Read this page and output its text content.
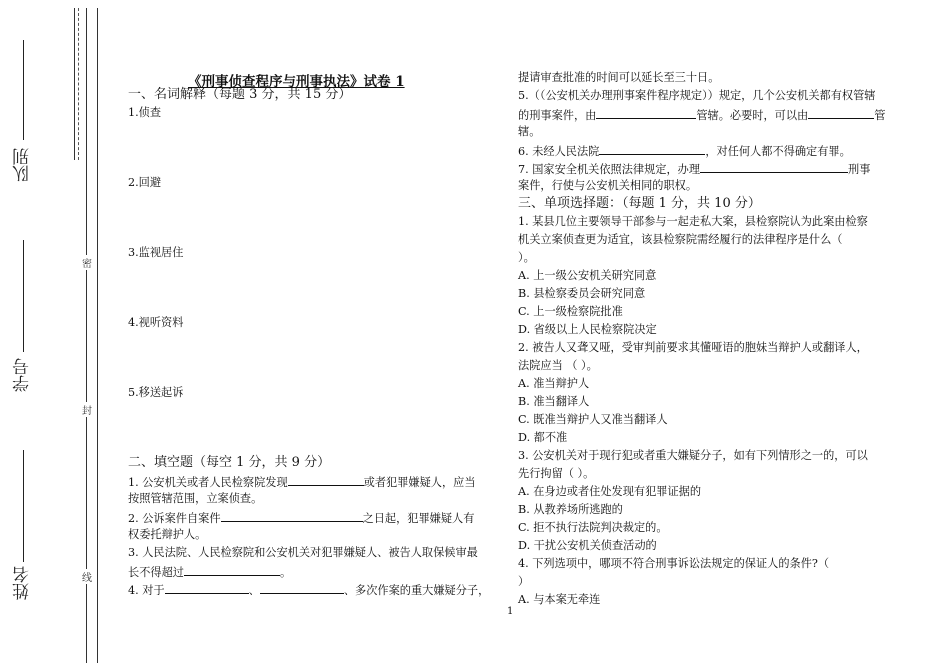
队别
学号
姓名
密
封
线
《刑事侦查程序与刑事执法》试卷 1
一、名词解释（每题 3 分，共 15 分）
1.侦查
2.回避
3.监视居住
4.视听资料
5.移送起诉
二、填空题（每空 1 分，共 9 分）
1. 公安机关或者人民检察院发现	或者犯罪嫌疑人，应当
按照管辖范围，立案侦查。
2. 公诉案件自案件	之日起，犯罪嫌疑人有
权委托辩护人。
3. 人民法院、人民检察院和公安机关对犯罪嫌疑人、被告人取保候审最
长不得超过	。
4. 对于	、	、多次作案的重大嫌疑分子，
提请审查批准的时间可以延长至三十日。
5.（（公安机关办理刑事案件程序规定））规定，几个公安机关都有权管辖
的刑事案件，由	管辖。必要时，可以由	管
辖。
6. 未经人民法院	，对任何人都不得确定有罪。
7. 国家安全机关依照法律规定，办理	刑事
案件，行使与公安机关相同的职权。
三、单项选择题：（每题 1 分，共 10 分）
1. 某县几位主要领导干部参与一起走私大案，县检察院认为此案由检察
机关立案侦查更为适宜，该县检察院需经履行的法律程序是什么（
）。
A. 上一级公安机关研究同意
B. 县检察委员会研究同意
C. 上一级检察院批准
D. 省级以上人民检察院决定
2. 被告人又聋又哑，受审判前要求其懂哑语的胞妹当辩护人或翻译人，
法院应当 （ ）。
A. 准当辩护人
B. 准当翻译人
C. 既准当辩护人又准当翻译人
D. 都不准
3. 公安机关对于现行犯或者重大嫌疑分子，如有下列情形之一的，可以
先行拘留（ ）。
A. 在身边或者住处发现有犯罪证据的
B. 从教养场所逃跑的
C. 拒不执行法院判决裁定的。
D. 干扰公安机关侦查活动的
4. 下列选项中，哪项不符合刑事诉讼法规定的保证人的条件?（
）
A. 与本案无牵连
1
